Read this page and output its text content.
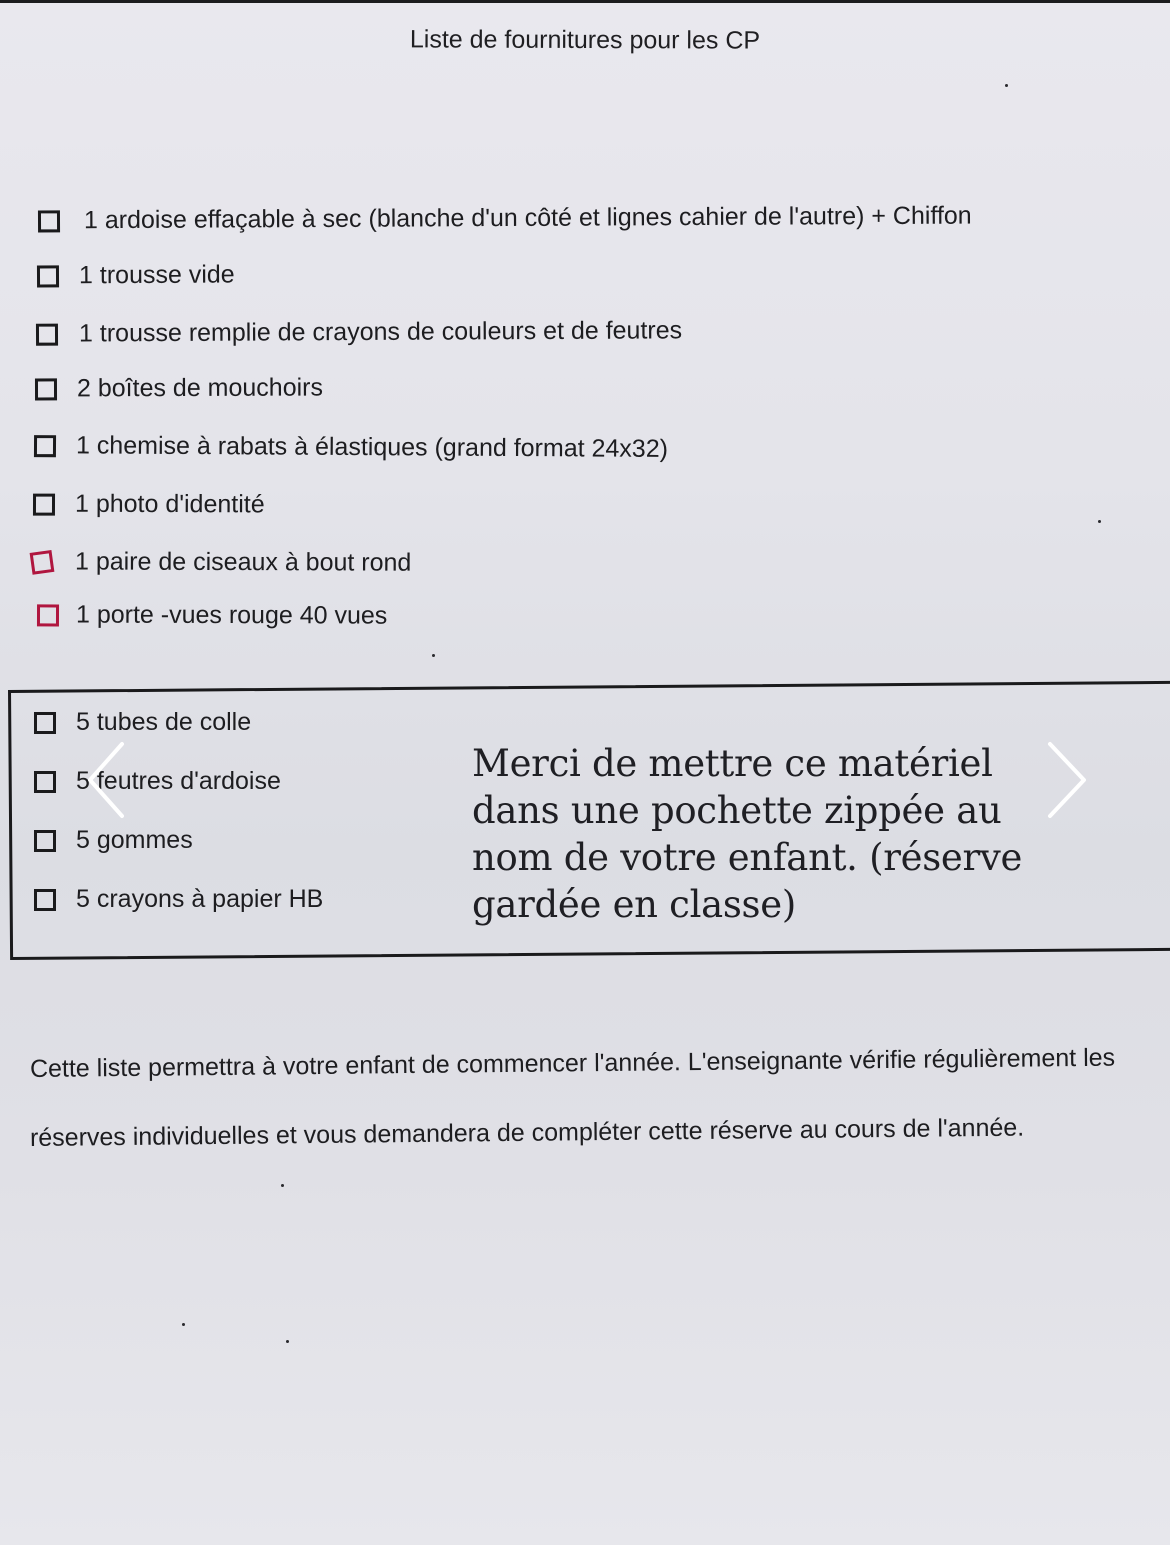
Liste de fournitures pour les CP
1 ardoise effaçable à sec (blanche d'un côté et lignes cahier de l'autre) + Chiffon
1 trousse vide
1 trousse remplie de crayons de couleurs et de feutres
2 boîtes de mouchoirs
1 chemise à rabats à élastiques (grand format 24x32)
1 photo d'identité
1 paire de ciseaux à bout rond
1 porte -vues rouge 40 vues
5 tubes de colle
5 feutres d'ardoise
5 gommes
5 crayons à papier HB
Merci de mettre ce matériel
dans une pochette zippée au
nom de votre enfant. (réserve
gardée en classe)
Cette liste permettra à votre enfant de commencer l'année. L'enseignante vérifie régulièrement les
réserves individuelles et vous demandera de compléter cette réserve au cours de l'année.
